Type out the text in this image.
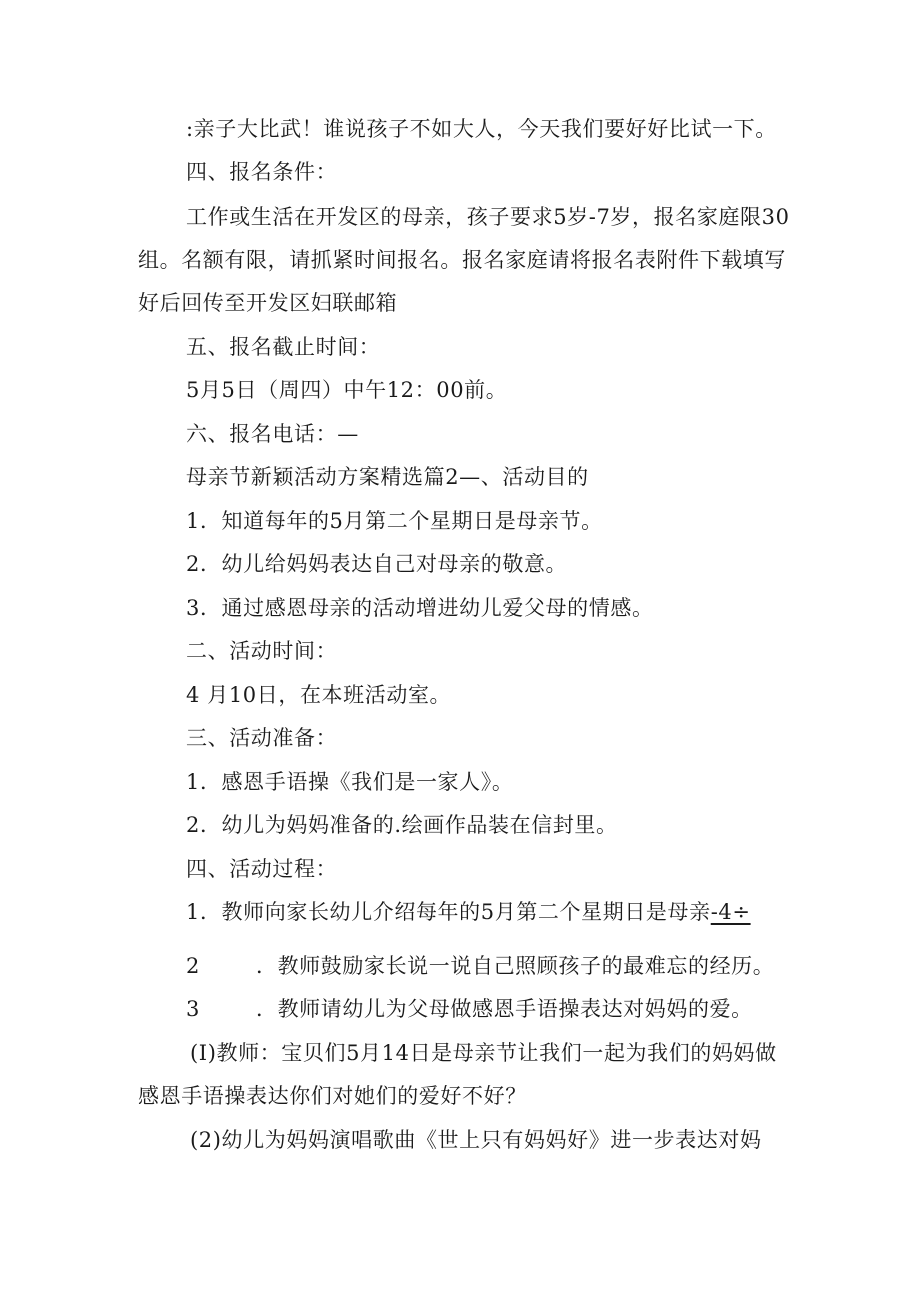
:亲子大比武！谁说孩子不如大人，今天我们要好好比试一下。
四、报名条件：
工作或生活在开发区的母亲，孩子要求5岁-7岁，报名家庭限30
组。名额有限，请抓紧时间报名。报名家庭请将报名表附件下载填写
好后回传至开发区妇联邮箱
五、报名截止时间：
5月5日（周四）中午12：00前。
六、报名电话：—
母亲节新颖活动方案精选篇2—、活动目的
1．知道每年的5月第二个星期日是母亲节。
2．幼儿给妈妈表达自己对母亲的敬意。
3．通过感恩母亲的活动增进幼儿爱父母的情感。
二、活动时间：
4 月10日，在本班活动室。
三、活动准备：
1．感恩手语操《我们是一家人》。
2．幼儿为妈妈准备的.绘画作品装在信封里。
四、活动过程：
1．教师向家长幼儿介绍每年的5月第二个星期日是母亲-4÷
2	．教师鼓励家长说一说自己照顾孩子的最难忘的经历。
3	．教师请幼儿为父母做感恩手语操表达对妈妈的爱。
(I)教师：宝贝们5月14日是母亲节让我们一起为我们的妈妈做
感恩手语操表达你们对她们的爱好不好？
(2)幼儿为妈妈演唱歌曲《世上只有妈妈好》进一步表达对妈
